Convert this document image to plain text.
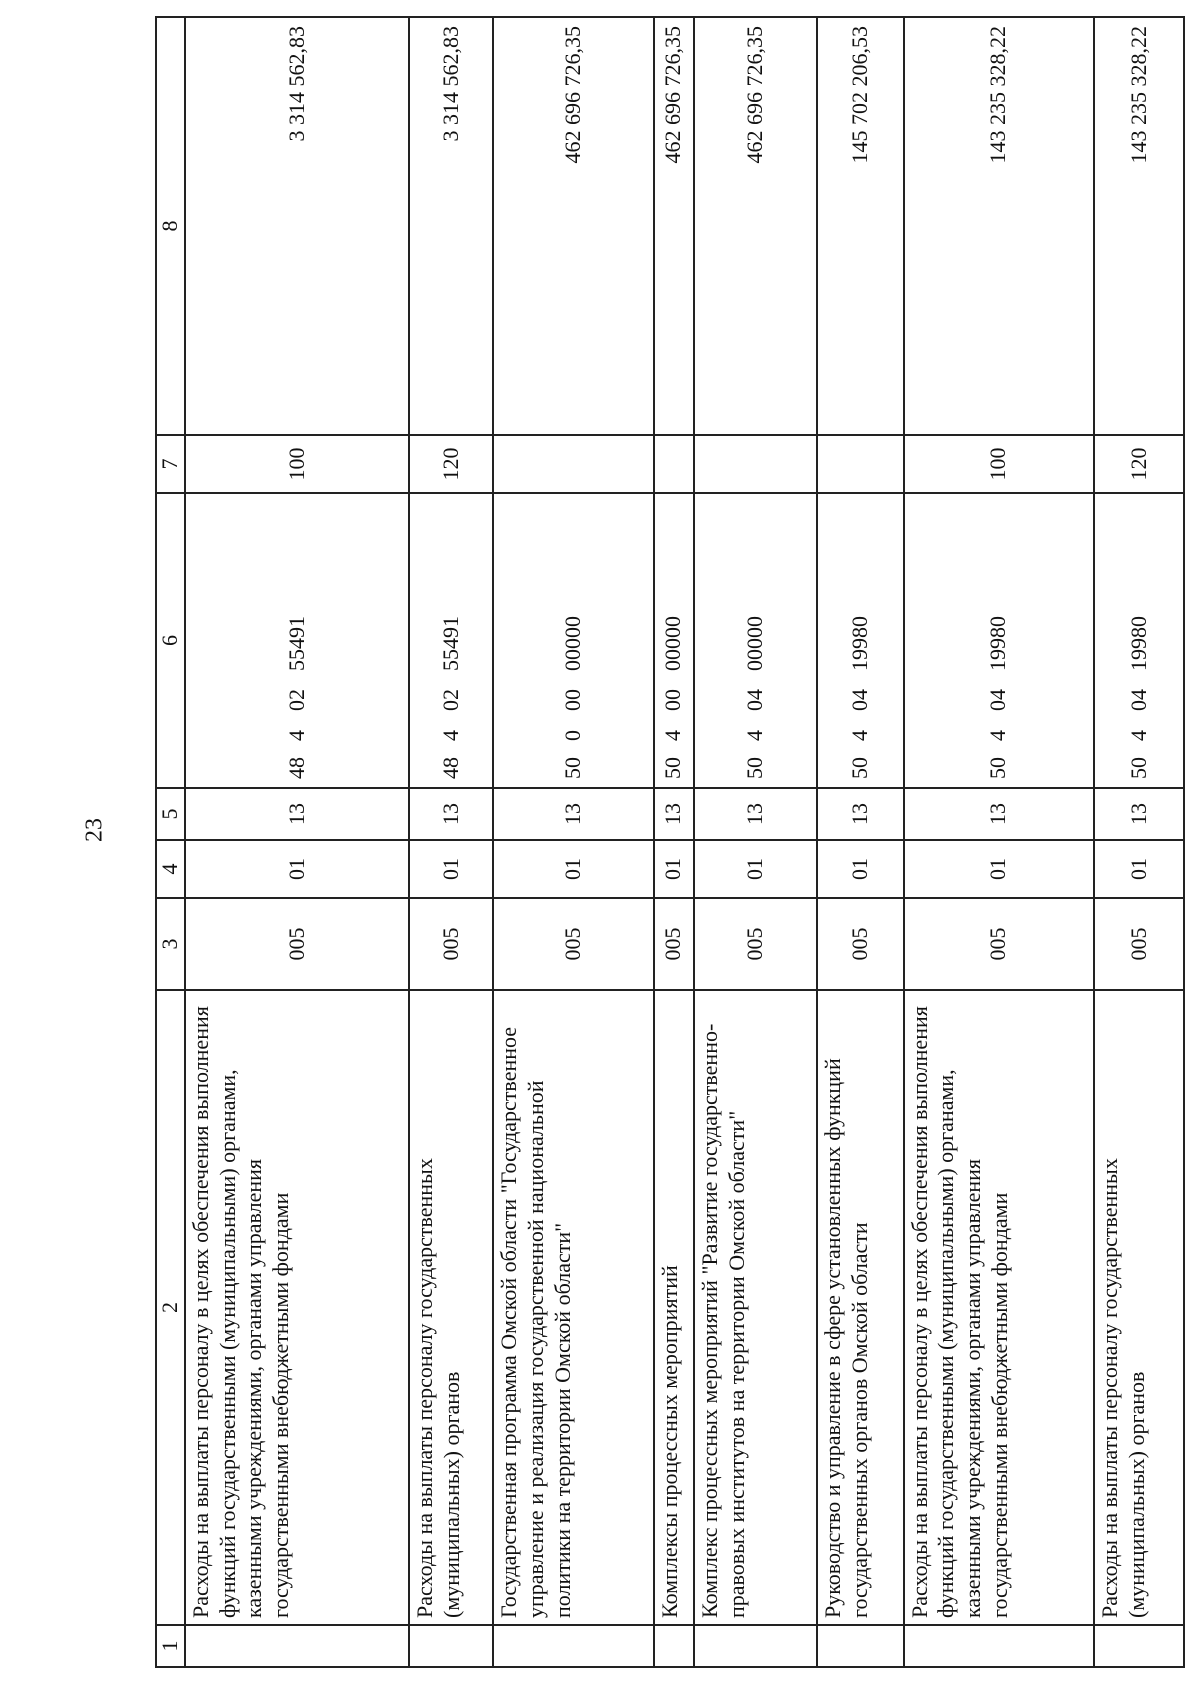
23
1	2	3	4	5	6	7	8
	Расходы на выплаты персоналу в целях обеспечения выполнения функций государственными (муниципальными) органами, казенными учреждениями, органами управления государственными внебюджетными фондами	005	01	13	4840255491	100	3 314 562,83
	Расходы на выплаты персоналу государственных (муниципальных) органов	005	01	13	4840255491	120	3 314 562,83
	Государственная программа Омской области "Государственное управление и реализация государственной национальной политики на территории Омской области"	005	01	13	5000000000		462 696 726,35
	Комплексы процессных мероприятий	005	01	13	5040000000		462 696 726,35
	Комплекс процессных мероприятий "Развитие государственно-правовых институтов на территории Омской области"	005	01	13	5040400000		462 696 726,35
	Руководство и управление в сфере установленных функций государственных органов Омской области	005	01	13	5040419980		145 702 206,53
	Расходы на выплаты персоналу в целях обеспечения выполнения функций государственными (муниципальными) органами, казенными учреждениями, органами управления государственными внебюджетными фондами	005	01	13	5040419980	100	143 235 328,22
	Расходы на выплаты персоналу государственных (муниципальных) органов	005	01	13	5040419980	120	143 235 328,22
